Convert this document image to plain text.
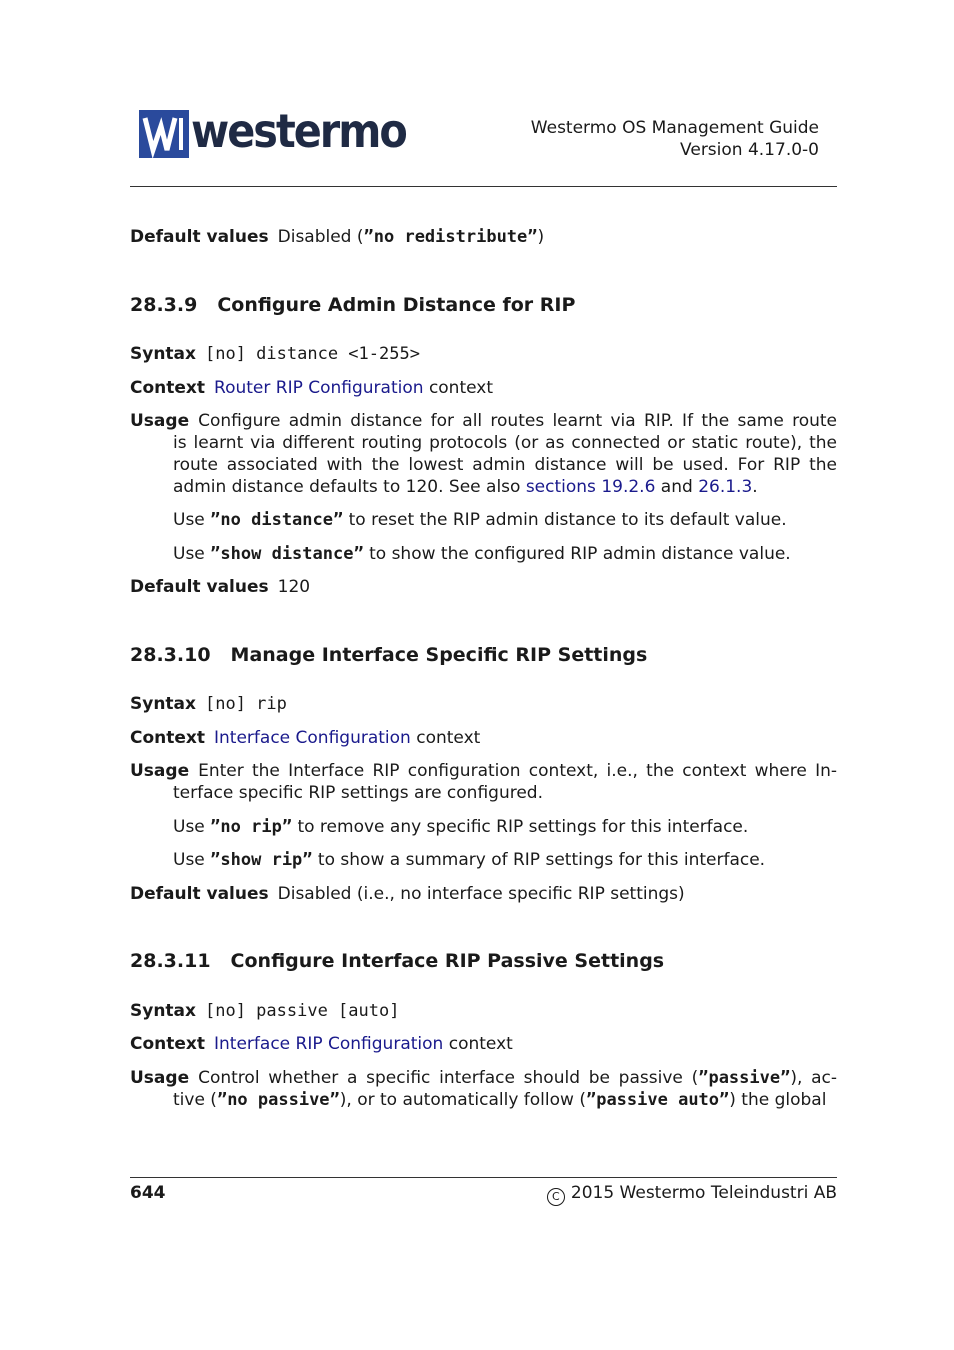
westermo	Westermo OS Management Guide
Version 4.17.0-0
Default values Disabled (”no redistribute”)
28.3.9 Configure Admin Distance for RIP
Syntax [no] distance <1-255>
Context Router RIP Configuration context
Usage Configure admin distance for all routes learnt via RIP. If the same route
is learnt via different routing protocols (or as connected or static route), the
route associated with the lowest admin distance will be used. For RIP the
admin distance defaults to 120. See also sections 19.2.6 and 26.1.3.
Use ”no distance” to reset the RIP admin distance to its default value.
Use ”show distance” to show the configured RIP admin distance value.
Default values 120
28.3.10 Manage Interface Specific RIP Settings
Syntax [no] rip
Context Interface Configuration context
Usage Enter the Interface RIP configuration context, i.e., the context where In-
terface specific RIP settings are configured.
Use ”no rip” to remove any specific RIP settings for this interface.
Use ”show rip” to show a summary of RIP settings for this interface.
Default values Disabled (i.e., no interface specific RIP settings)
28.3.11 Configure Interface RIP Passive Settings
Syntax [no] passive [auto]
Context Interface RIP Configuration context
Usage Control whether a specific interface should be passive (”passive”), ac-
tive (”no passive”), or to automatically follow (”passive auto”) the global
644	C 2015 Westermo Teleindustri AB
